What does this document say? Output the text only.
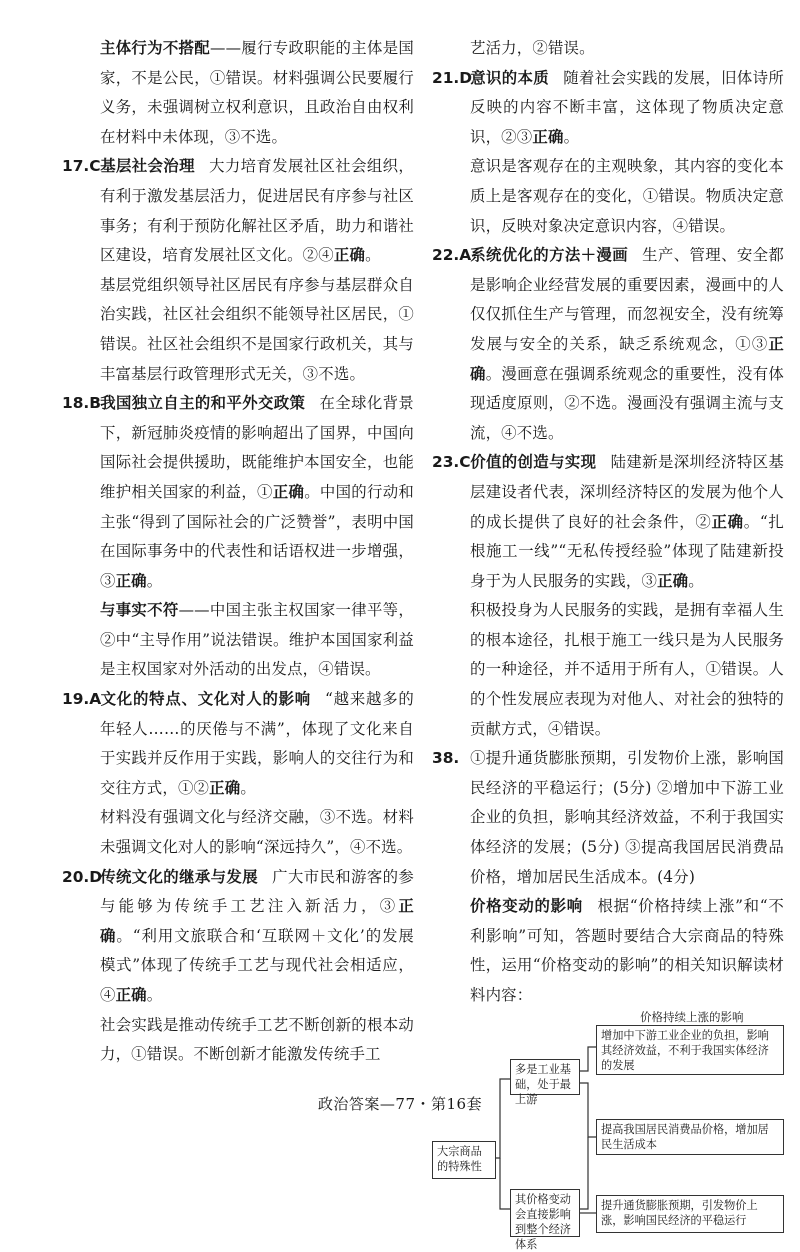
主体行为不搭配——履行专政职能的主体是国家，不是公民，①错误。材料强调公民要履行义务，未强调树立权利意识，且政治自由权利在材料中未体现，③不选。

17.C基层社会治理 大力培育发展社区社会组织，有利于激发基层活力，促进居民有序参与社区事务；有利于预防化解社区矛盾，助力和谐社区建设，培育发展社区文化。②④正确。

基层党组织领导社区居民有序参与基层群众自治实践，社区社会组织不能领导社区居民，①错误。社区社会组织不是国家行政机关，其与丰富基层行政管理形式无关，③不选。

18.B我国独立自主的和平外交政策 在全球化背景下，新冠肺炎疫情的影响超出了国界，中国向国际社会提供援助，既能维护本国安全，也能维护相关国家的利益，①正确。中国的行动和主张“得到了国际社会的广泛赞誉”，表明中国在国际事务中的代表性和话语权进一步增强，③正确。

与事实不符——中国主张主权国家一律平等，②中“主导作用”说法错误。维护本国国家利益是主权国家对外活动的出发点，④错误。

19.A文化的特点、文化对人的影响 “越来越多的年轻人……的厌倦与不满”，体现了文化来自于实践并反作用于实践，影响人的交往行为和交往方式，①②正确。

材料没有强调文化与经济交融，③不选。材料未强调文化对人的影响“深远持久”，④不选。

20.D传统文化的继承与发展 广大市民和游客的参与能够为传统手工艺注入新活力，③正确。“利用文旅联合和‘互联网＋文化’的发展模式”体现了传统手工艺与现代社会相适应，④正确。

社会实践是推动传统手工艺不断创新的根本动力，①错误。不断创新才能激发传统手工

艺活力，②错误。

21.D意识的本质 随着社会实践的发展，旧体诗所反映的内容不断丰富，这体现了物质决定意识，②③正确。

意识是客观存在的主观映象，其内容的变化本质上是客观存在的变化，①错误。物质决定意识，反映对象决定意识内容，④错误。

22.A系统优化的方法＋漫画 生产、管理、安全都是影响企业经营发展的重要因素，漫画中的人仅仅抓住生产与管理，而忽视安全，没有统筹发展与安全的关系，缺乏系统观念，①③正确。漫画意在强调系统观念的重要性，没有体现适度原则，②不选。漫画没有强调主流与支流，④不选。

23.C价值的创造与实现 陆建新是深圳经济特区基层建设者代表，深圳经济特区的发展为他个人的成长提供了良好的社会条件，②正确。“扎根施工一线”“无私传授经验”体现了陆建新投身于为人民服务的实践，③正确。

积极投身为人民服务的实践，是拥有幸福人生的根本途径，扎根于施工一线只是为人民服务的一种途径，并不适用于所有人，①错误。人的个性发展应表现为对他人、对社会的独特的贡献方式，④错误。

38. ①提升通货膨胀预期，引发物价上涨，影响国民经济的平稳运行；(5分) ②增加中下游工业企业的负担，影响其经济效益，不利于我国实体经济的发展；(5分) ③提高我国居民消费品价格，增加居民生活成本。(4分)

价格变动的影响 根据“价格持续上涨”和“不利影响”可知，答题时要结合大宗商品的特殊性，运用“价格变动的影响”的相关知识解读材料内容：

价格持续上涨的影响
大宗商品的特殊性
多是工业基础，处于最上游
其价格变动会直接影响到整个经济体系
增加中下游工业企业的负担，影响其经济效益，不利于我国实体经济的发展
提高我国居民消费品价格，增加居民生活成本
提升通货膨胀预期，引发物价上涨，影响国民经济的平稳运行
政治答案—77・第16套
